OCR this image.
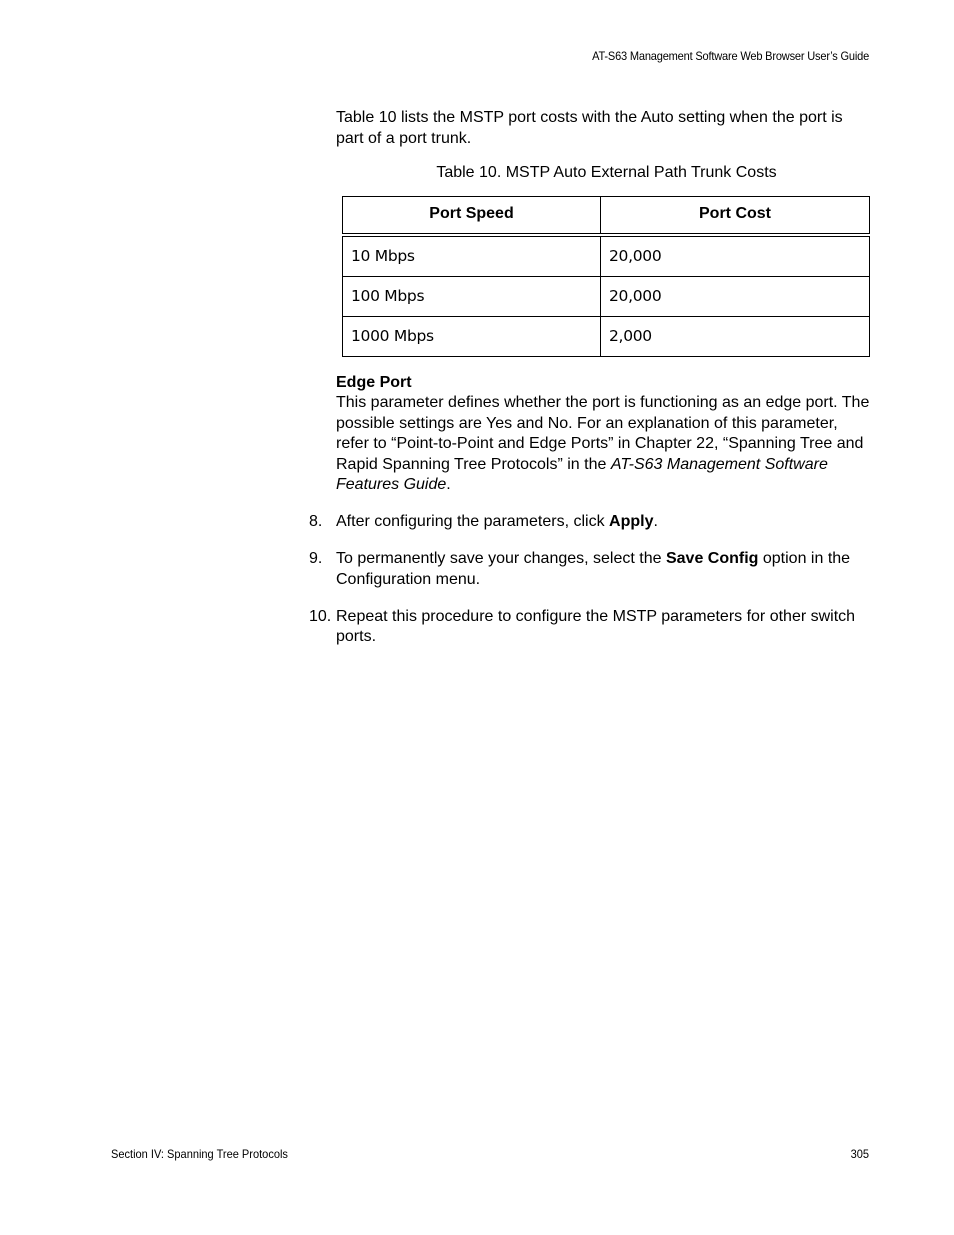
AT-S63 Management Software Web Browser User’s Guide

Table 10 lists the MSTP port costs with the Auto setting when the port is part of a port trunk.

Table 10. MSTP Auto External Path Trunk Costs
Port Speed	Port Cost
10 Mbps	20,000
100 Mbps	20,000
1000 Mbps	2,000
Edge Port

This parameter defines whether the port is functioning as an edge port. The possible settings are Yes and No. For an explanation of this parameter, refer to “Point-to-Point and Edge Ports” in Chapter 22, “Spanning Tree and Rapid Spanning Tree Protocols” in the AT-S63 Management Software Features Guide.

8. After configuring the parameters, click Apply.
9. To permanently save your changes, select the Save Config option in the Configuration menu.
10. Repeat this procedure to configure the MSTP parameters for other switch ports.
Section IV: Spanning Tree Protocols	305
